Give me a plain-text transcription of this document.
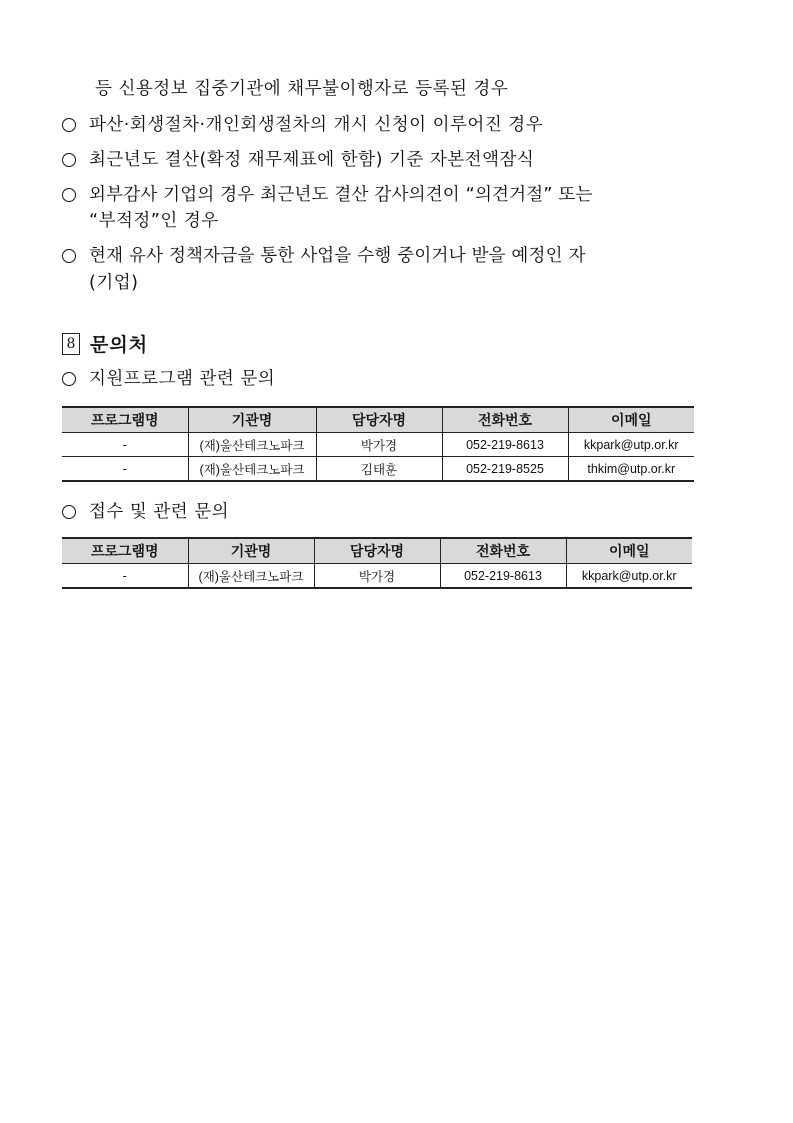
등 신용정보 집중기관에 채무불이행자로 등록된 경우
파산·회생절차·개인회생절차의 개시 신청이 이루어진 경우
최근년도 결산(확정 재무제표에 한함) 기준 자본전액잠식
외부감사 기업의 경우 최근년도 결산 감사의견이 “의견거절” 또는
“부적정”인 경우
현재 유사 정책자금을 통한 사업을 수행 중이거나 받을 예정인 자
(기업)
8 문의처
지원프로그램 관련 문의
프로그램명	기관명	담당자명	전화번호	이메일
-	(재)울산테크노파크	박가경	052-219-8613	kkpark@utp.or.kr
-	(재)울산테크노파크	김태훈	052-219-8525	thkim@utp.or.kr
접수 및 관련 문의
프로그램명	기관명	담당자명	전화번호	이메일
-	(재)울산테크노파크	박가경	052-219-8613	kkpark@utp.or.kr
